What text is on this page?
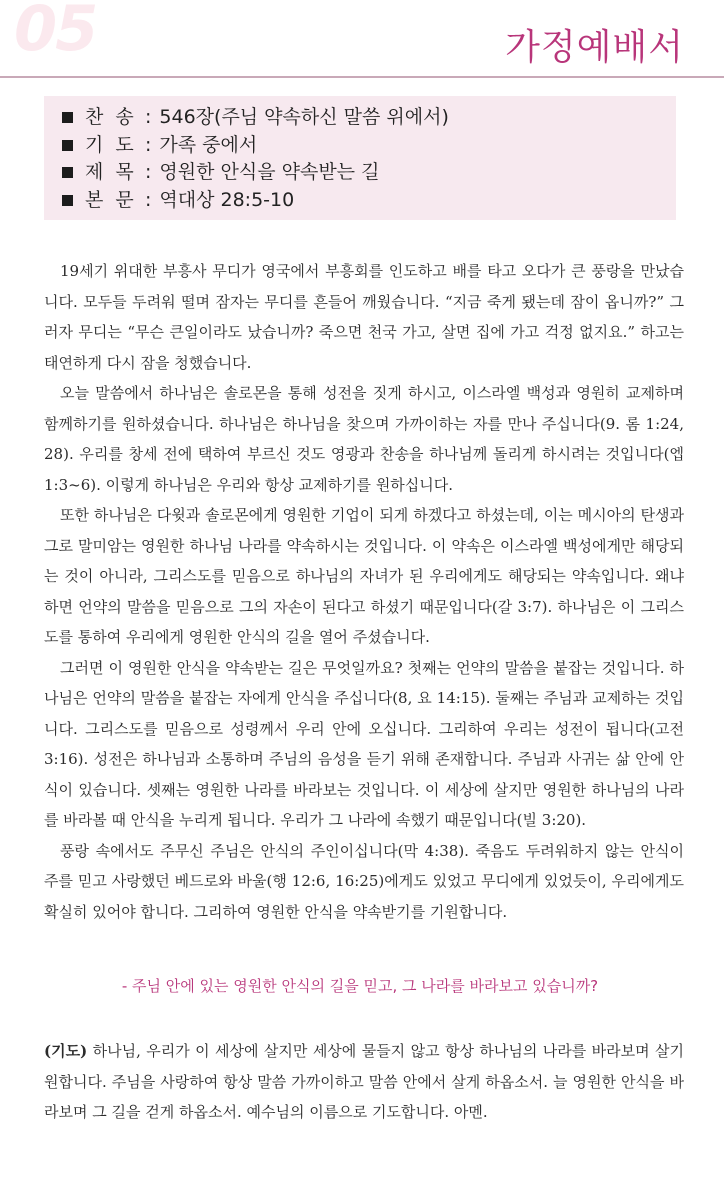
05	가정예배서
찬 송 : 546장(주님 약속하신 말씀 위에서)
기 도 : 가족 중에서
제 목 : 영원한 안식을 약속받는 길
본 문 : 역대상 28:5-10

19세기 위대한 부흥사 무디가 영국에서 부흥회를 인도하고 배를 타고 오다가 큰 풍랑을 만났습니다. 모두들 두려워 떨며 잠자는 무디를 흔들어 깨웠습니다. “지금 죽게 됐는데 잠이 옵니까?” 그러자 무디는 “무슨 큰일이라도 났습니까? 죽으면 천국 가고, 살면 집에 가고 걱정 없지요.” 하고는 태연하게 다시 잠을 청했습니다.

오늘 말씀에서 하나님은 솔로몬을 통해 성전을 짓게 하시고, 이스라엘 백성과 영원히 교제하며 함께하기를 원하셨습니다. 하나님은 하나님을 찾으며 가까이하는 자를 만나 주십니다(9. 롬 1:24, 28). 우리를 창세 전에 택하여 부르신 것도 영광과 찬송을 하나님께 돌리게 하시려는 것입니다(엡 1:3~6). 이렇게 하나님은 우리와 항상 교제하기를 원하십니다.

또한 하나님은 다윗과 솔로몬에게 영원한 기업이 되게 하겠다고 하셨는데, 이는 메시아의 탄생과 그로 말미암는 영원한 하나님 나라를 약속하시는 것입니다. 이 약속은 이스라엘 백성에게만 해당되는 것이 아니라, 그리스도를 믿음으로 하나님의 자녀가 된 우리에게도 해당되는 약속입니다. 왜냐하면 언약의 말씀을 믿음으로 그의 자손이 된다고 하셨기 때문입니다(갈 3:7). 하나님은 이 그리스도를 통하여 우리에게 영원한 안식의 길을 열어 주셨습니다.

그러면 이 영원한 안식을 약속받는 길은 무엇일까요? 첫째는 언약의 말씀을 붙잡는 것입니다. 하나님은 언약의 말씀을 붙잡는 자에게 안식을 주십니다(8, 요 14:15). 둘째는 주님과 교제하는 것입니다. 그리스도를 믿음으로 성령께서 우리 안에 오십니다. 그리하여 우리는 성전이 됩니다(고전 3:16). 성전은 하나님과 소통하며 주님의 음성을 듣기 위해 존재합니다. 주님과 사귀는 삶 안에 안식이 있습니다. 셋째는 영원한 나라를 바라보는 것입니다. 이 세상에 살지만 영원한 하나님의 나라를 바라볼 때 안식을 누리게 됩니다. 우리가 그 나라에 속했기 때문입니다(빌 3:20).

풍랑 속에서도 주무신 주님은 안식의 주인이십니다(막 4:38). 죽음도 두려워하지 않는 안식이 주를 믿고 사랑했던 베드로와 바울(행 12:6, 16:25)에게도 있었고 무디에게 있었듯이, 우리에게도 확실히 있어야 합니다. 그리하여 영원한 안식을 약속받기를 기원합니다.

- 주님 안에 있는 영원한 안식의 길을 믿고, 그 나라를 바라보고 있습니까?
(기도) 하나님, 우리가 이 세상에 살지만 세상에 물들지 않고 항상 하나님의 나라를 바라보며 살기 원합니다. 주님을 사랑하여 항상 말씀 가까이하고 말씀 안에서 살게 하옵소서. 늘 영원한 안식을 바라보며 그 길을 걷게 하옵소서. 예수님의 이름으로 기도합니다. 아멘.
